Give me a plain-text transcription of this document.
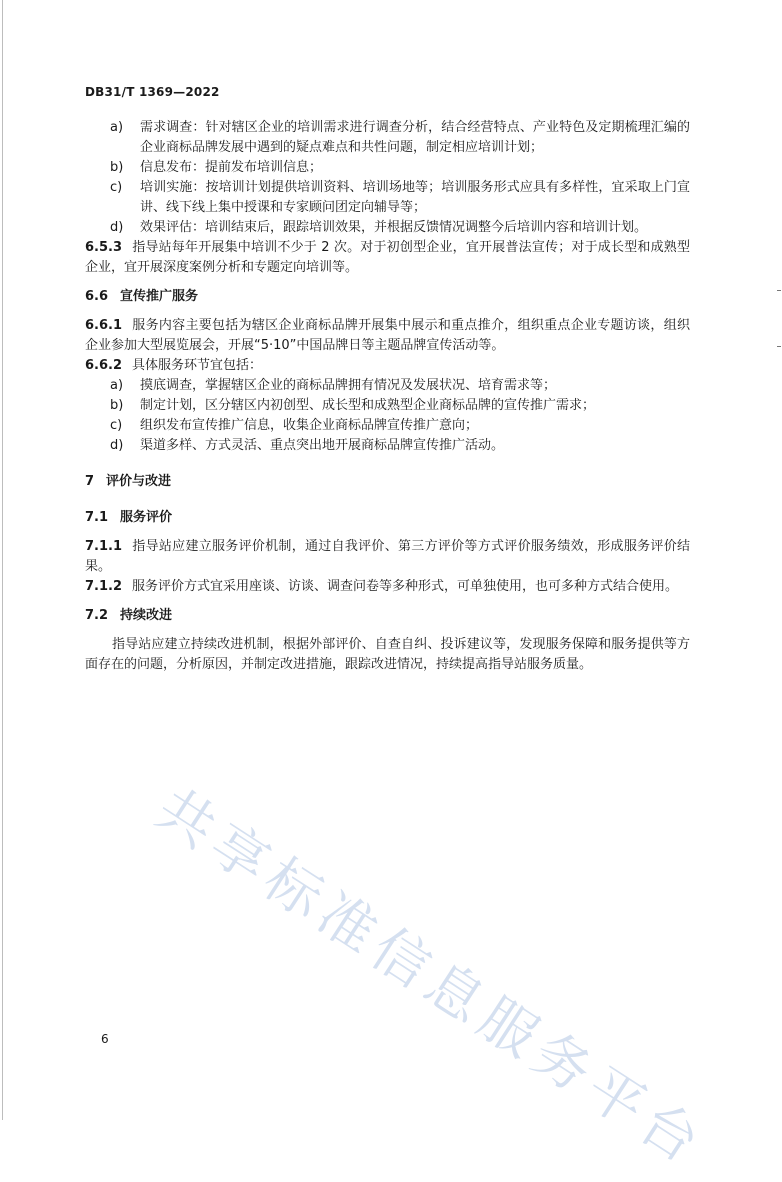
DB31/T 1369—2022
a)	需求调查：针对辖区企业的培训需求进行调查分析，结合经营特点、产业特色及定期梳理汇编的企业商标品牌发展中遇到的疑点难点和共性问题，制定相应培训计划；
b)	信息发布：提前发布培训信息；
c)	培训实施：按培训计划提供培训资料、培训场地等；培训服务形式应具有多样性，宜采取上门宣讲、线下线上集中授课和专家顾问团定向辅导等；
d)	效果评估：培训结束后，跟踪培训效果，并根据反馈情况调整今后培训内容和培训计划。

6.5.3 指导站每年开展集中培训不少于 2 次。对于初创型企业，宜开展普法宣传；对于成长型和成熟型企业，宜开展深度案例分析和专题定向培训等。

6.6 宣传推广服务

6.6.1 服务内容主要包括为辖区企业商标品牌开展集中展示和重点推介，组织重点企业专题访谈，组织企业参加大型展览展会，开展“5·10”中国品牌日等主题品牌宣传活动等。

6.6.2 具体服务环节宜包括：

a)	摸底调查，掌握辖区企业的商标品牌拥有情况及发展状况、培育需求等；
b)	制定计划，区分辖区内初创型、成长型和成熟型企业商标品牌的宣传推广需求；
c)	组织发布宣传推广信息，收集企业商标品牌宣传推广意向；
d)	渠道多样、方式灵活、重点突出地开展商标品牌宣传推广活动。

7 评价与改进

7.1 服务评价

7.1.1 指导站应建立服务评价机制，通过自我评价、第三方评价等方式评价服务绩效，形成服务评价结果。

7.1.2 服务评价方式宜采用座谈、访谈、调查问卷等多种形式，可单独使用，也可多种方式结合使用。

7.2 持续改进

指导站应建立持续改进机制，根据外部评价、自查自纠、投诉建议等，发现服务保障和服务提供等方面存在的问题，分析原因，并制定改进措施，跟踪改进情况，持续提高指导站服务质量。

共享标准信息服务平台
6
